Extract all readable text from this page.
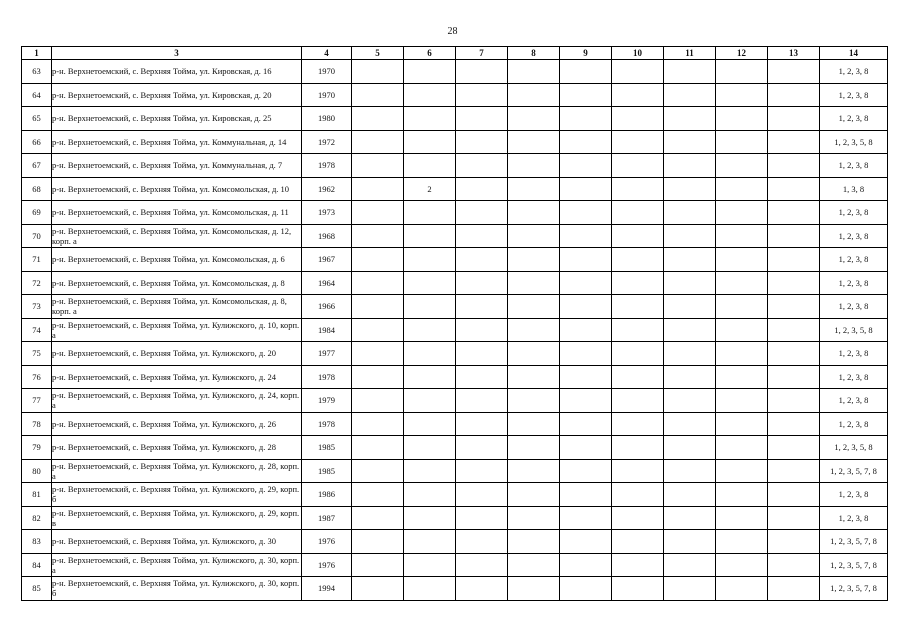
28
1	3	4	5	6	7	8	9	10	11	12	13	14
63	р-н. Верхнетоемский, с. Верхняя Тойма, ул. Кировская, д. 16	1970										1, 2, 3, 8
64	р-н. Верхнетоемский, с. Верхняя Тойма, ул. Кировская, д. 20	1970										1, 2, 3, 8
65	р-н. Верхнетоемский, с. Верхняя Тойма, ул. Кировская, д. 25	1980										1, 2, 3, 8
66	р-н. Верхнетоемский, с. Верхняя Тойма, ул. Коммунальная, д. 14	1972										1, 2, 3, 5, 8
67	р-н. Верхнетоемский, с. Верхняя Тойма, ул. Коммунальная, д. 7	1978										1, 2, 3, 8
68	р-н. Верхнетоемский, с. Верхняя Тойма, ул. Комсомольская, д. 10	1962		2								1, 3, 8
69	р-н. Верхнетоемский, с. Верхняя Тойма, ул. Комсомольская, д. 11	1973										1, 2, 3, 8
70	р-н. Верхнетоемский, с. Верхняя Тойма, ул. Комсомольская, д. 12, корп. а	1968										1, 2, 3, 8
71	р-н. Верхнетоемский, с. Верхняя Тойма, ул. Комсомольская, д. 6	1967										1, 2, 3, 8
72	р-н. Верхнетоемский, с. Верхняя Тойма, ул. Комсомольская, д. 8	1964										1, 2, 3, 8
73	р-н. Верхнетоемский, с. Верхняя Тойма, ул. Комсомольская, д. 8, корп. а	1966										1, 2, 3, 8
74	р-н. Верхнетоемский, с. Верхняя Тойма, ул. Кулижского, д. 10, корп. а	1984										1, 2, 3, 5, 8
75	р-н. Верхнетоемский, с. Верхняя Тойма, ул. Кулижского, д. 20	1977										1, 2, 3, 8
76	р-н. Верхнетоемский, с. Верхняя Тойма, ул. Кулижского, д. 24	1978										1, 2, 3, 8
77	р-н. Верхнетоемский, с. Верхняя Тойма, ул. Кулижского, д. 24, корп. а	1979										1, 2, 3, 8
78	р-н. Верхнетоемский, с. Верхняя Тойма, ул. Кулижского, д. 26	1978										1, 2, 3, 8
79	р-н. Верхнетоемский, с. Верхняя Тойма, ул. Кулижского, д. 28	1985										1, 2, 3, 5, 8
80	р-н. Верхнетоемский, с. Верхняя Тойма, ул. Кулижского, д. 28, корп. а	1985										1, 2, 3, 5, 7, 8
81	р-н. Верхнетоемский, с. Верхняя Тойма, ул. Кулижского, д. 29, корп. б	1986										1, 2, 3, 8
82	р-н. Верхнетоемский, с. Верхняя Тойма, ул. Кулижского, д. 29, корп. в	1987										1, 2, 3, 8
83	р-н. Верхнетоемский, с. Верхняя Тойма, ул. Кулижского, д. 30	1976										1, 2, 3, 5, 7, 8
84	р-н. Верхнетоемский, с. Верхняя Тойма, ул. Кулижского, д. 30, корп. а	1976										1, 2, 3, 5, 7, 8
85	р-н. Верхнетоемский, с. Верхняя Тойма, ул. Кулижского, д. 30, корп. б	1994										1, 2, 3, 5, 7, 8
